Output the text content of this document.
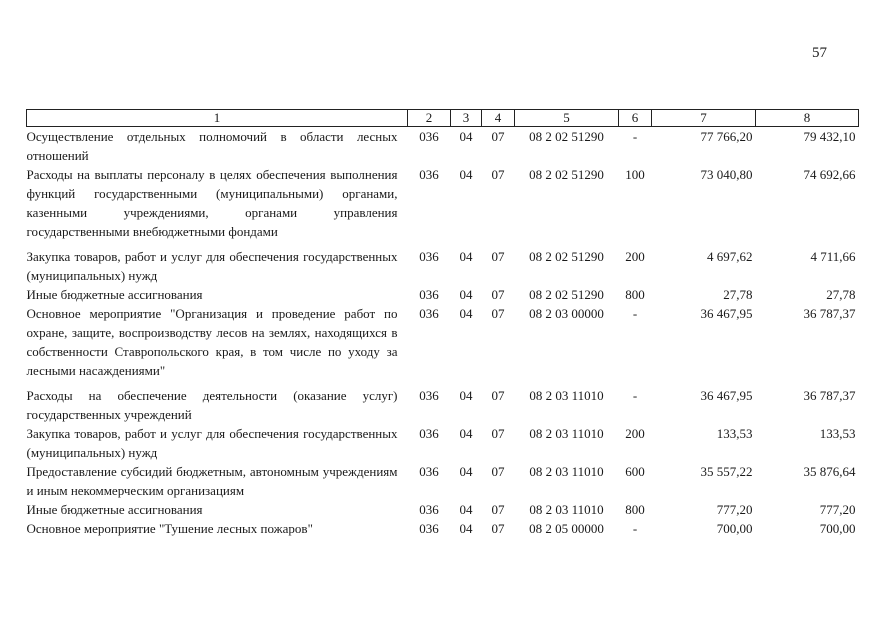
57
1	2	3	4	5	6	7	8
Осуществление отдельных полномочий в области лесных отношений	036	04	07	08 2 02 51290	-	77 766,20	79 432,10
Расходы на выплаты персоналу в целях обеспечения выполнения функций государственными (муниципальными) органами, казенными учреждениями, органами управления государственными внебюджетными фондами	036	04	07	08 2 02 51290	100	73 040,80	74 692,66
Закупка товаров, работ и услуг для обеспечения государственных (муниципальных) нужд	036	04	07	08 2 02 51290	200	4 697,62	4 711,66
Иные бюджетные ассигнования	036	04	07	08 2 02 51290	800	27,78	27,78
Основное мероприятие "Организация и проведение работ по охране, защите, воспроизводству лесов на землях, находящихся в собственности Ставропольского края, в том числе по уходу за лесными насаждениями"	036	04	07	08 2 03 00000	-	36 467,95	36 787,37
Расходы на обеспечение деятельности (оказание услуг) государственных учреждений	036	04	07	08 2 03 11010	-	36 467,95	36 787,37
Закупка товаров, работ и услуг для обеспечения государственных (муниципальных) нужд	036	04	07	08 2 03 11010	200	133,53	133,53
Предоставление субсидий бюджетным, автономным учреждениям и иным некоммерческим организациям	036	04	07	08 2 03 11010	600	35 557,22	35 876,64
Иные бюджетные ассигнования	036	04	07	08 2 03 11010	800	777,20	777,20
Основное мероприятие "Тушение лесных пожаров"	036	04	07	08 2 05 00000	-	700,00	700,00
